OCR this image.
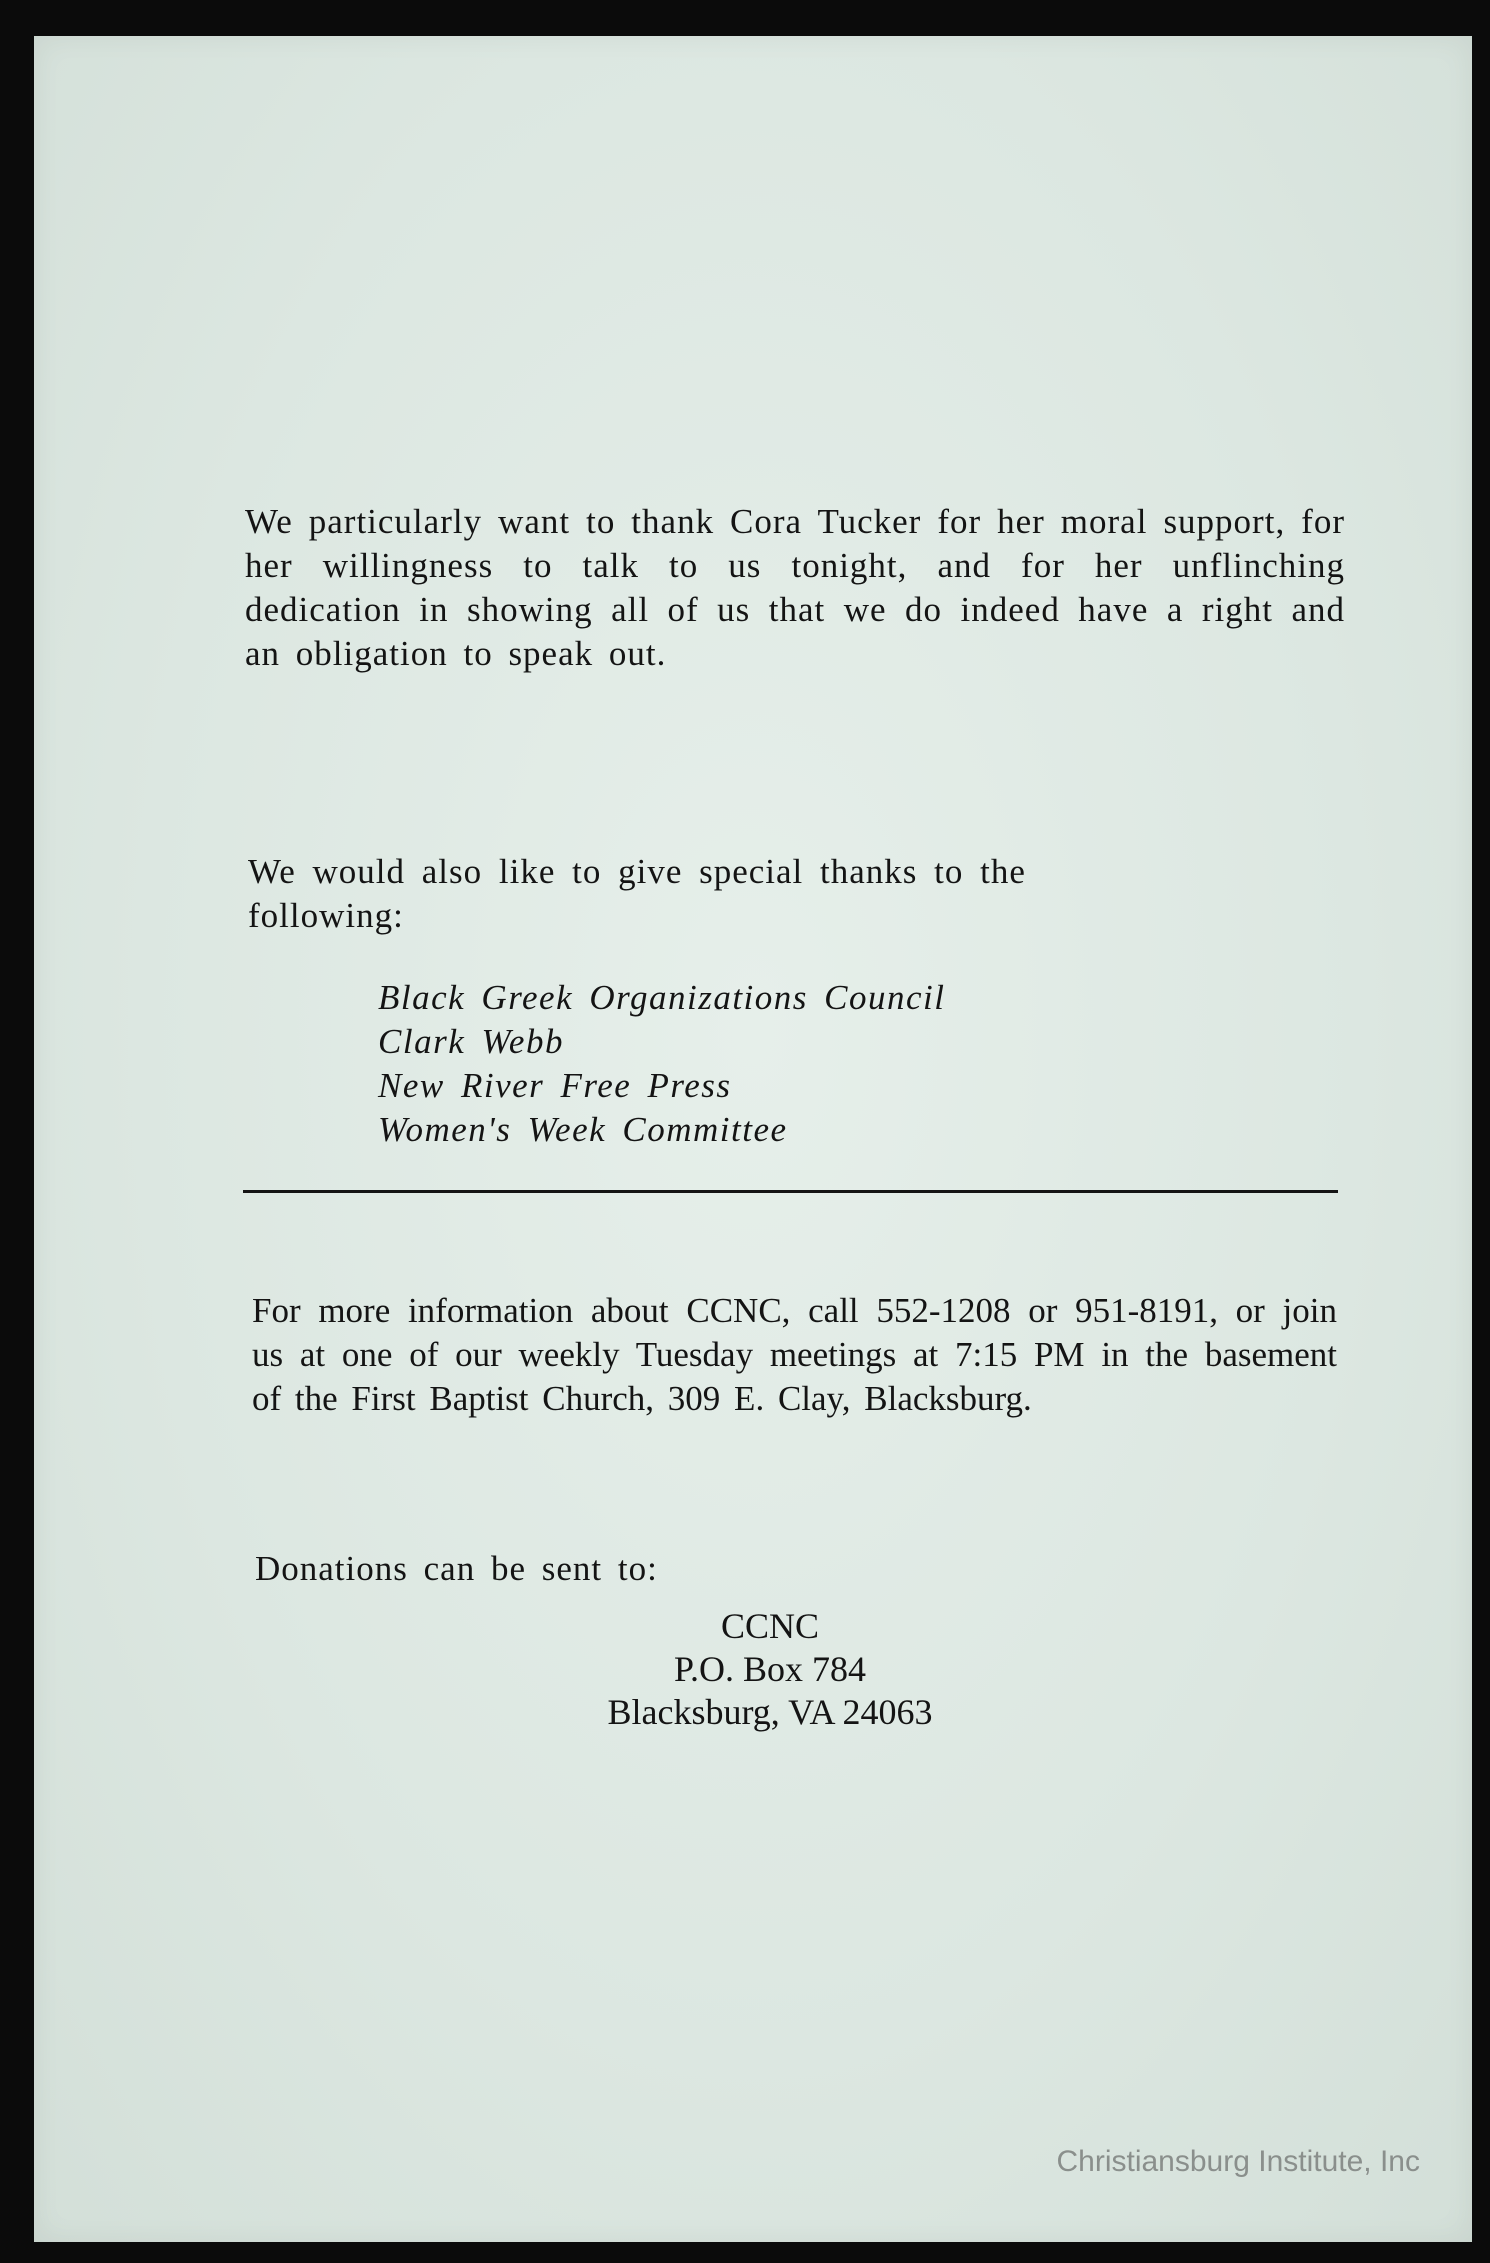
We particularly want to thank Cora Tucker for her moral support, for her willingness to talk to us tonight, and for her unflinching dedication in showing all of us that we do indeed have a right and an obligation to speak out.

We would also like to give special thanks to the following:

Black Greek Organizations Council
Clark Webb
New River Free Press
Women's Week Committee

For more information about CCNC, call 552-1208 or 951-8191, or join us at one of our weekly Tuesday meetings at 7:15 PM in the basement of the First Baptist Church, 309 E. Clay, Blacksburg.

Donations can be sent to:

CCNC
P.O. Box 784
Blacksburg, VA 24063
Christiansburg Institute, Inc
